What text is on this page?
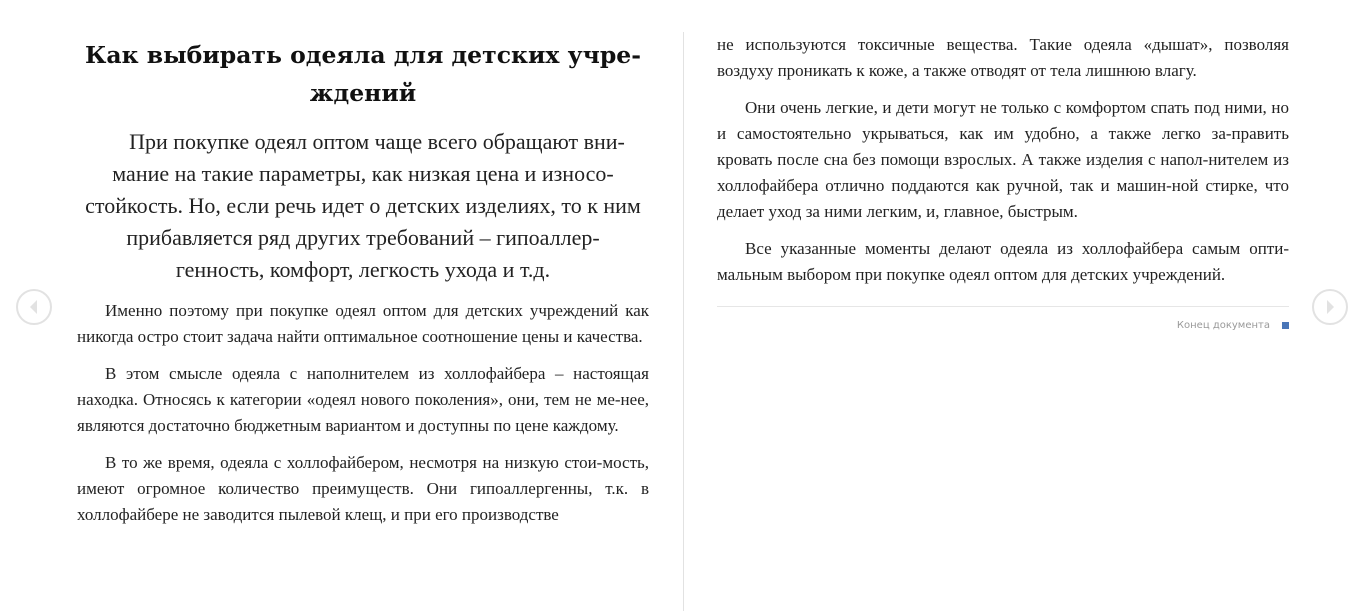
Как выбирать одеяла для детских учре-
ждений

При покупке одеял оптом чаще всего обращают вни-мание на такие параметры, как низкая цена и износо-стойкость. Но, если речь идет о детских изделиях, то к ним прибавляется ряд других требований – гипоаллер-генность, комфорт, легкость ухода и т.д.

Именно поэтому при покупке одеял оптом для детских учреждений как никогда остро стоит задача найти оптимальное соотношение цены и качества.

В этом смысле одеяла с наполнителем из холлофайбера – настоящая находка. Относясь к категории «одеял нового поколения», они, тем не ме-нее, являются достаточно бюджетным вариантом и доступны по цене каждому.

В то же время, одеяла с холлофайбером, несмотря на низкую стои-мость, имеют огромное количество преимуществ. Они гипоаллергенны, т.к. в холлофайбере не заводится пылевой клещ, и при его производстве

не используются токсичные вещества. Такие одеяла «дышат», позволяя воздуху проникать к коже, а также отводят от тела лишнюю влагу.

Они очень легкие, и дети могут не только с комфортом спать под ними, но и самостоятельно укрываться, как им удобно, а также легко за-править кровать после сна без помощи взрослых. А также изделия с напол-нителем из холлофайбера отлично поддаются как ручной, так и машин-ной стирке, что делает уход за ними легким, и, главное, быстрым.

Все указанные моменты делают одеяла из холлофайбера самым опти-мальным выбором при покупке одеял оптом для детских учреждений.

Конец документа
